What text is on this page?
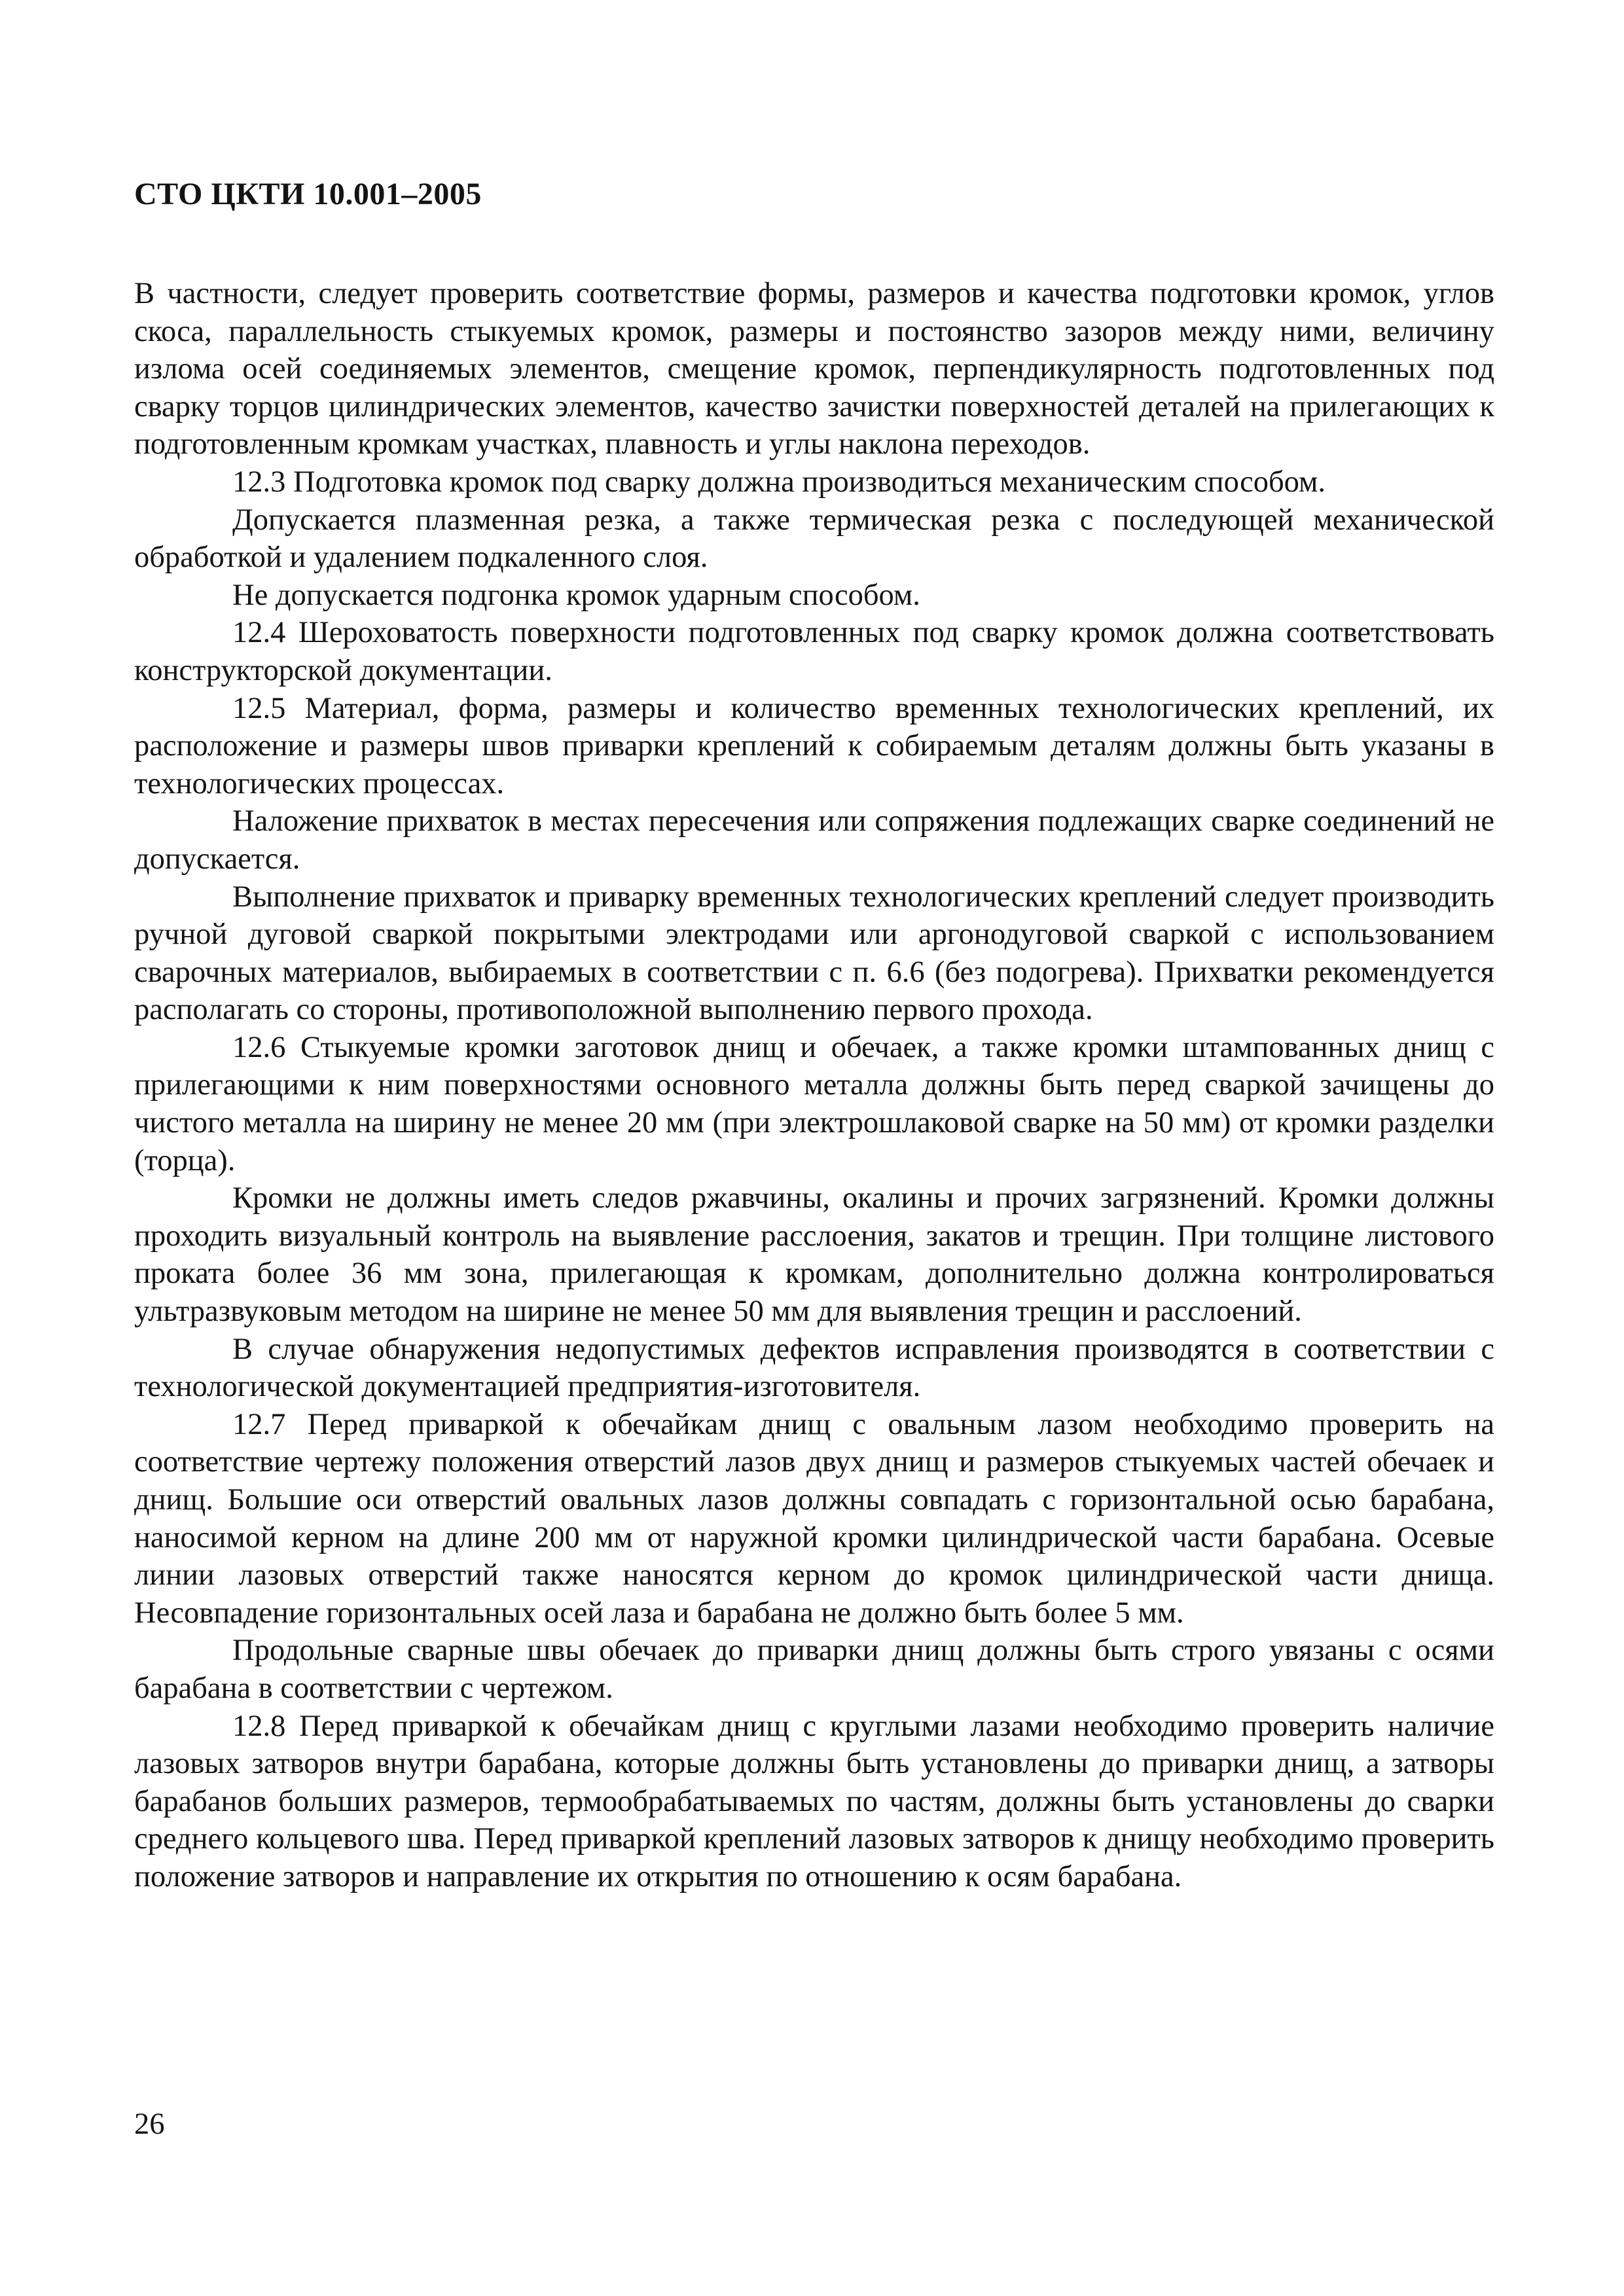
СТО ЦКТИ 10.001–2005

В частности, следует проверить соответствие формы, размеров и качества подготовки кромок, углов скоса, параллельность стыкуемых кромок, размеры и постоянство зазоров между ними, величину излома осей соединяемых элементов, смещение кромок, перпендикулярность подготовленных под сварку торцов цилиндрических элементов, качество зачистки поверхностей деталей на прилегающих к подготовленным кромкам участках, плавность и углы наклона переходов.

12.3 Подготовка кромок под сварку должна производиться механическим способом.

Допускается плазменная резка, а также термическая резка с последующей механической обработкой и удалением подкаленного слоя.

Не допускается подгонка кромок ударным способом.

12.4 Шероховатость поверхности подготовленных под сварку кромок должна соответствовать конструкторской документации.

12.5 Материал, форма, размеры и количество временных технологических креплений, их расположение и размеры швов приварки креплений к собираемым деталям должны быть указаны в технологических процессах.

Наложение прихваток в местах пересечения или сопряжения подлежащих сварке соединений не допускается.

Выполнение прихваток и приварку временных технологических креплений следует производить ручной дуговой сваркой покрытыми электродами или аргонодуговой сваркой с использованием сварочных материалов, выбираемых в соответствии с п. 6.6 (без подогрева). Прихватки рекомендуется располагать со стороны, противоположной выполнению первого прохода.

12.6 Стыкуемые кромки заготовок днищ и обечаек, а также кромки штампованных днищ с прилегающими к ним поверхностями основного металла должны быть перед сваркой зачищены до чистого металла на ширину не менее 20 мм (при электрошлаковой сварке на 50 мм) от кромки разделки (торца).

Кромки не должны иметь следов ржавчины, окалины и прочих загрязнений. Кромки должны проходить визуальный контроль на выявление расслоения, закатов и трещин. При толщине листового проката более 36 мм зона, прилегающая к кромкам, дополнительно должна контролироваться ультразвуковым методом на ширине не менее 50 мм для выявления трещин и расслоений.

В случае обнаружения недопустимых дефектов исправления производятся в соответствии с технологической документацией предприятия-изготовителя.

12.7 Перед приваркой к обечайкам днищ с овальным лазом необходимо проверить на соответствие чертежу положения отверстий лазов двух днищ и размеров стыкуемых частей обечаек и днищ. Большие оси отверстий овальных лазов должны совпадать с горизонтальной осью барабана, наносимой керном на длине 200 мм от наружной кромки цилиндрической части барабана. Осевые линии лазовых отверстий также наносятся керном до кромок цилиндрической части днища. Несовпадение горизонтальных осей лаза и барабана не должно быть более 5 мм.

Продольные сварные швы обечаек до приварки днищ должны быть строго увязаны с осями барабана в соответствии с чертежом.

12.8 Перед приваркой к обечайкам днищ с круглыми лазами необходимо проверить наличие лазовых затворов внутри барабана, которые должны быть установлены до приварки днищ, а затворы барабанов больших размеров, термообрабатываемых по частям, должны быть установлены до сварки среднего кольцевого шва. Перед приваркой креплений лазовых затворов к днищу необходимо проверить положение затворов и направление их открытия по отношению к осям барабана.

26
